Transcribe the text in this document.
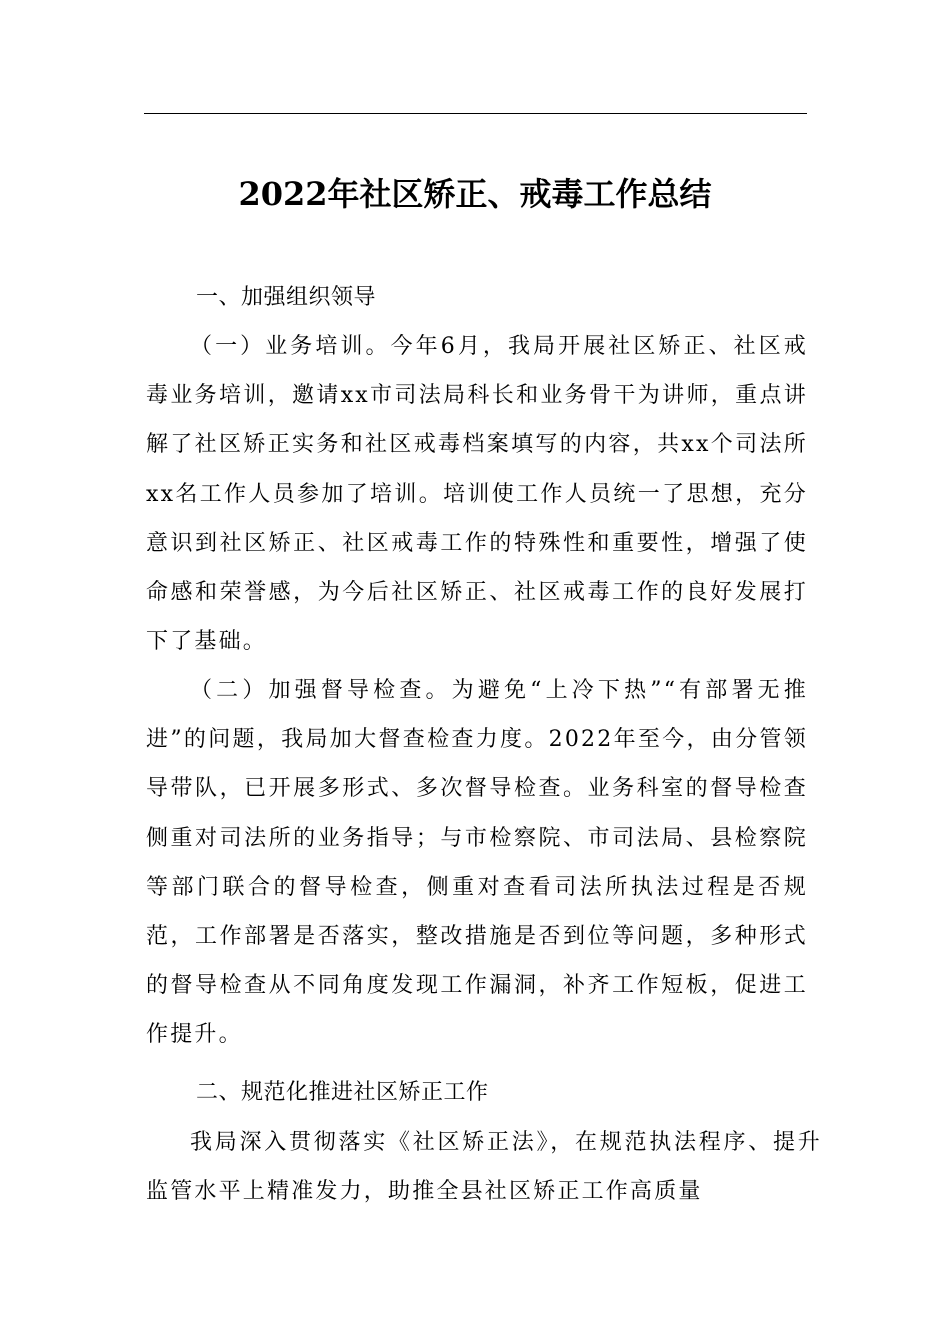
2022年社区矫正、戒毒工作总结
一、加强组织领导
（一）业务培训。今年6月，我局开展社区矫正、社区戒毒业务培训，邀请xx市司法局科长和业务骨干为讲师，重点讲解了社区矫正实务和社区戒毒档案填写的内容，共xx个司法所xx名工作人员参加了培训。培训使工作人员统一了思想，充分意识到社区矫正、社区戒毒工作的特殊性和重要性，增强了使命感和荣誉感，为今后社区矫正、社区戒毒工作的良好发展打下了基础。
（二）加强督导检查。为避免“上冷下热”“有部署无推进”的问题，我局加大督查检查力度。2022年至今，由分管领导带队，已开展多形式、多次督导检查。业务科室的督导检查侧重对司法所的业务指导；与市检察院、市司法局、县检察院等部门联合的督导检查，侧重对查看司法所执法过程是否规范，工作部署是否落实，整改措施是否到位等问题，多种形式的督导检查从不同角度发现工作漏洞，补齐工作短板，促进工作提升。
二、规范化推进社区矫正工作
我局深入贯彻落实《社区矫正法》，在规范执法程序、提升监管水平上精准发力，助推全县社区矫正工作高质量
